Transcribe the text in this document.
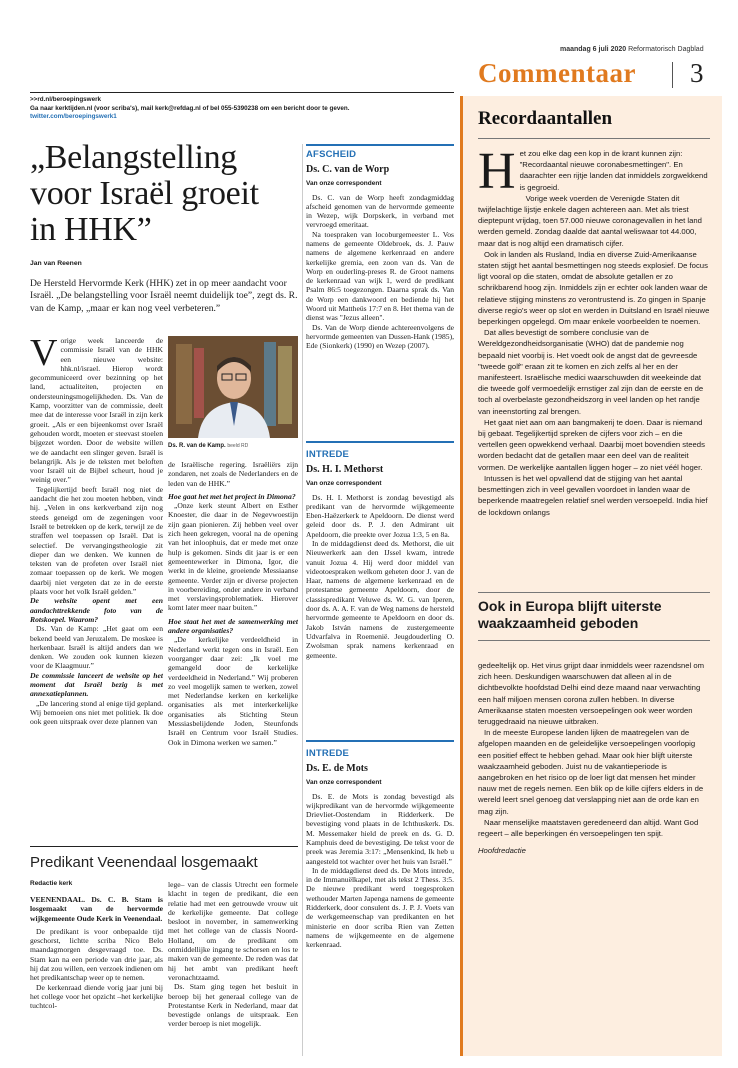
maandag 6 juli 2020 Reformatorisch Dagblad
Commentaar 3
>>rd.nl/beroepingswerk
Ga naar kerktijden.nl (voor scriba's), mail kerk@refdag.nl of bel 055-5390238 om een bericht door te geven.
twitter.com/beroepingswerk1
„Belangstelling voor Israël groeit in HHK”
Jan van Reenen
De Hersteld Hervormde Kerk (HHK) zet in op meer aandacht voor Israël. „De belangstelling voor Israël neemt duidelijk toe”, zegt ds. R. van de Kamp, „maar er kan nog veel verbeteren.”

Vorige week lanceerde de commissie Israël van de HHK een nieuwe website: hhk.nl/israel. Hierop wordt gecommuniceerd over bezinning op het land, actualiteiten, projecten en ondersteuningsmogelijkheden. Ds. Van de Kamp, voorzitter van de commissie, deelt mee dat de interesse voor Israël in zijn kerk groeit. „Als er een bijeenkomst over Israël gehouden wordt, moeten er steevast stoelen bijgezet worden. Door de website willen we de aandacht een slinger geven. Israël is belangrijk. Als je de teksten met beloften voor Israël uit de Bijbel scheurt, houd je weinig over.”

Tegelijkertijd beeft Israël nog niet de aandacht die het zou moeten hebben, vindt hij. „Velen in ons kerkverband zijn nog steeds geneigd om de zegeningen voor Israël te betrekken op de kerk, terwijl ze de straffen wel toepassen op Israël. Dat is selectief. De vervangingstheologie zit dieper dan we denken. We kunnen de teksten van de profeten over Israël niet zomaar toepassen op de kerk. We mogen daarbij niet vergeten dat ze in de eerste plaats voor het volk Israël gelden.”

De website opent met een aandachttrekkende foto van de Rotskoepel. Waarom?

Ds. Van de Kamp: „Het gaat om een bekend beeld van Jeruzalem. De moskee is herkenbaar. Israël is altijd anders dan we denken. We zouden ook kunnen kiezen voor de Klaagmuur.”

De commissie lanceert de website op het moment dat Israël bezig is met annexatieplannen.

„De lancering stond al enige tijd gepland. Wij bemoeien ons niet met politiek. Ik doe ook geen uitspraak over deze plannen van

Ds. R. van de Kamp. beeld RD

de Israëlische regering. Israëliërs zijn zondaren, net zoals de Nederlanders en de leden van de HHK.”

Hoe gaat het met het project in Dimona?

„Onze kerk steunt Albert en Esther Knoester, die daar in de Negevwoestijn zijn gaan pionieren. Zij hebben veel over zich heen gekregen, vooral na de opening van het inloophuis, dat er mede met onze hulp is gekomen. Sinds dit jaar is er een gemeentewerker in Dimona, Igor, die werkt in de kleine, groeiende Messiaanse gemeente. Verder zijn er diverse projecten in voorbereiding, onder andere in verband met verslavingsproblematiek. Hierover komt later meer naar buiten.”

Hoe staat het met de samenwerking met andere organisaties?

„De kerkelijke verdeeldheid in Nederland werkt tegen ons in Israël. Een voorganger daar zei: „Ik voel me gemangeld door de kerkelijke verdeeldheid in Nederland.” Wij proberen zo veel mogelijk samen te werken, zowel met Nederlandse kerken en kerkelijke organisaties als met interkerkelijke organisaties als Stichting Steun Messiasbelijdende Joden, Steunfonds Israël en Centrum voor Israël Studies. Ook in Dimona werken we samen.”

Predikant Veenendaal losgemaakt
Redactie kerk

VEENENDAAL. Ds. C. B. Stam is losgemaakt van de hervormde wijkgemeente Oude Kerk in Veenendaal.

De predikant is voor onbepaalde tijd geschorst, lichtte scriba Nico Belo maandagmorgen desgevraagd toe. Ds. Stam kan na een periode van drie jaar, als hij dat zou willen, een verzoek indienen om het predikantschap weer op te nemen.

De kerkenraad diende vorig jaar juni bij het college voor het opzicht –het kerkelijke tuchtcol-

lege– van de classis Utrecht een formele klacht in tegen de predikant, die een relatie had met een getrouwde vrouw uit de kerkelijke gemeente. Dat college besloot in november, in samenwerking met het college van de classis Noord-Holland, om de predikant om onmiddellijke ingang te schorsen en los te maken van de gemeente. De reden was dat hij het ambt van predikant heeft veronachtzaamd.

Ds. Stam ging tegen het besluit in beroep bij het generaal college van de Protestantse Kerk in Nederland, maar dat bevestigde onlangs de uitspraak. Een verder beroep is niet mogelijk.

AFSCHEID
Ds. C. van de Worp
Van onze correspondent

Ds. C. van de Worp heeft zondagmiddag afscheid genomen van de hervormde gemeente in Wezep, wijk Dorpskerk, in verband met vervroegd emeritaat.

Na toespraken van locoburgemeester L. Vos namens de gemeente Oldebroek, ds. J. Pauw namens de algemene kerkenraad en andere kerkelijke gremia, een zoon van ds. Van de Worp en ouderling-preses R. de Groot namens de kerkenraad van wijk 1, werd de predikant Psalm 86:5 toegezongen. Daarna sprak ds. Van de Worp een dankwoord en bediende hij het Woord uit Mattheüs 17:7 en 8. Het thema van de dienst was "Jezus alleen".

Ds. Van de Worp diende achtereenvolgens de hervormde gemeenten van Dussen-Hank (1985), Ede (Sionkerk) (1990) en Wezep (2007).

INTREDE
Ds. H. I. Methorst
Van onze correspondent

Ds. H. I. Methorst is zondag bevestigd als predikant van de hervormde wijkgemeente Eben-Haëzerkerk te Apeldoorn. De dienst werd geleid door ds. P. J. den Admirant uit Apeldoorn, die preekte over Jozua 1:3, 5 en 8a.

In de middagdienst deed ds. Methorst, die uit Nieuwerkerk aan den IJssel kwam, intrede vanuit Jozua 4. Hij werd door middel van videotoespraken welkom geheten door J. van de Haar, namens de algemene kerkenraad en de protestantse gemeente Apeldoorn, door de classispredikant Veluwe ds. W. G. van Iperen, door ds. A. A. F. van de Weg namens de hersteld hervormde gemeente te Apeldoorn en door ds. Jakob István namens de zustergemeente Udvarfalva in Roemenië. Jeugdouderling O. Zwolsman sprak namens kerkenraad en gemeente.

INTREDE
Ds. E. de Mots
Van onze correspondent

Ds. E. de Mots is zondag bevestigd als wijkpredikant van de hervormde wijkgemeente Drievliet-Oostendam in Ridderkerk. De bevestiging vond plaats in de Ichthuskerk. Ds. M. Messemaker hield de preek en ds. G. D. Kamphuis deed de bevestiging. De tekst voor de preek was Jeremia 3:17: „Mensenkind, Ik heb u aangesteld tot wachter over het huis van Israël.”

In de middagdienst deed ds. De Mots intrede, in de Immanuëlkapel, met als tekst 2 Thess. 3:5. De nieuwe predikant werd toegesproken wethouder Marten Japenga namens de gemeente Ridderkerk, door consulent ds. J. P. J. Voets van de werkgemeenschap van predikanten en het ministerie en door scriba Rien van Zetten namens de wijkgemeente en de algemene kerkenraad.

Recordaantallen

Het zou elke dag een kop in de krant kunnen zijn: "Recordaantal nieuwe coronabesmettingen". En daarachter een rijtje landen dat inmiddels zorgwekkend is gegroeid.

Vorige week voerden de Verenigde Staten dit twijfelachtige lijstje enkele dagen achtereen aan. Met als triest dieptepunt vrijdag, toen 57.000 nieuwe coronagevallen in het land werden gemeld. Zondag daalde dat aantal weliswaar tot 44.000, maar dat is nog altijd een dramatisch cijfer.

Ook in landen als Rusland, India en diverse Zuid-Amerikaanse staten stijgt het aantal besmettingen nog steeds explosief. De focus ligt vooral op die staten, omdat de absolute getallen er zo schrikbarend hoog zijn. Inmiddels zijn er echter ook landen waar de relatieve stijging minstens zo verontrustend is. Zo gingen in Spanje diverse regio's weer op slot en werden in Duitsland en Israël nieuwe beperkingen opgelegd. Om maar enkele voorbeelden te noemen.

Dat alles bevestigt de sombere conclusie van de Wereldgezondheidsorganisatie (WHO) dat de pandemie nog bepaald niet voorbij is. Het voedt ook de angst dat de gevreesde "tweede golf" eraan zit te komen en zich zelfs al her en der manifesteert. Israëlische medici waarschuwden dit weekeinde dat die tweede golf vermoedelijk ernstiger zal zijn dan de eerste en de toch al overbelaste gezondheidszorg in veel landen op het randje van ineenstorting zal brengen.

Het gaat niet aan om aan bangmakerij te doen. Daar is niemand bij gebaat. Tegelijkertijd spreken de cijfers voor zich – en die vertellen geen opwekkend verhaal. Daarbij moet bovendien steeds worden bedacht dat de getallen maar een deel van de realiteit vormen. De werkelijke aantallen liggen hoger – zo niet véél hoger.

Intussen is het wel opvallend dat de stijging van het aantal besmettingen zich in veel gevallen voordoet in landen waar de beperkende maatregelen relatief snel werden versoepeld. India hief de lockdown onlangs

Ook in Europa blijft uiterste waakzaamheid geboden

gedeeltelijk op. Het virus grijpt daar inmiddels weer razendsnel om zich heen. Deskundigen waarschuwen dat alleen al in de dichtbevolkte hoofdstad Delhi eind deze maand naar verwachting een half miljoen mensen corona zullen hebben. In diverse Amerikaanse staten moesten versoepelingen ook weer worden teruggedraaid na nieuwe uitbraken.

In de meeste Europese landen lijken de maatregelen van de afgelopen maanden en de geleidelijke versoepelingen voorlopig een positief effect te hebben gehad. Maar ook hier blijft uiterste waakzaamheid geboden. Juist nu de vakantieperiode is aangebroken en het risico op de loer ligt dat mensen het minder nauw met de regels nemen. Een blik op de kille cijfers elders in de wereld leert snel genoeg dat verslapping niet aan de orde kan en mag zijn.

Naar menselijke maatstaven geredeneerd dan altijd. Want God regeert – alle beperkingen én versoepelingen ten spijt.

Hoofdredactie
